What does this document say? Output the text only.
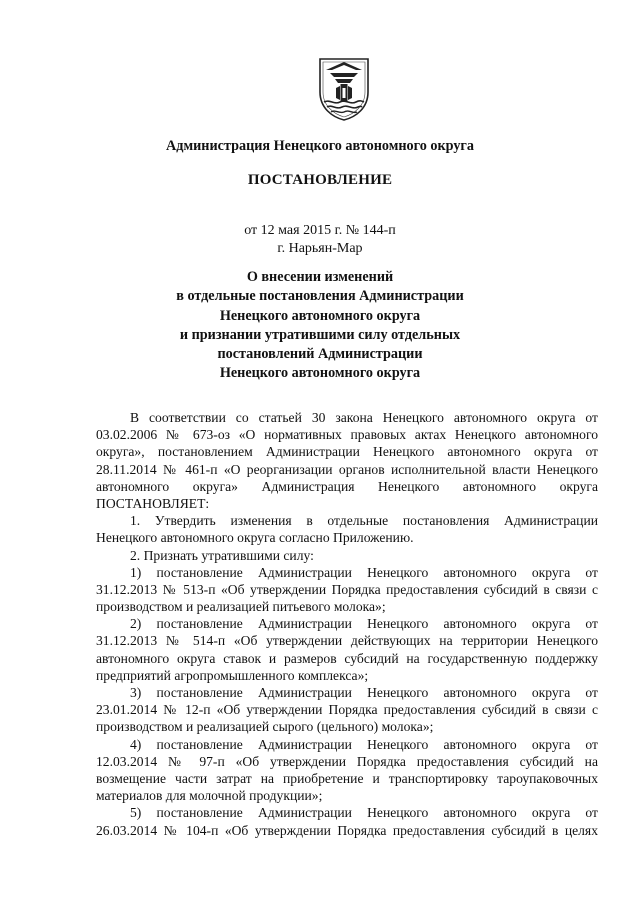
Администрация Ненецкого автономного округа
ПОСТАНОВЛЕНИЕ
от 12 мая 2015 г. № 144-п
г. Нарьян-Мар
О внесении изменений
в отдельные постановления Администрации
Ненецкого автономного округа
и признании утратившими силу отдельных
постановлений Администрации
Ненецкого автономного округа
В соответствии со статьей 30 закона Ненецкого автономного округа от
03.02.2006 № 673-оз «О нормативных правовых актах Ненецкого автономного
округа», постановлением Администрации Ненецкого автономного округа от
28.11.2014 № 461-п «О реорганизации органов исполнительной власти Ненецкого
автономного округа» Администрация Ненецкого автономного округа
ПОСТАНОВЛЯЕТ:
1. Утвердить изменения в отдельные постановления Администрации
Ненецкого автономного округа согласно Приложению.
2. Признать утратившими силу:
1) постановление Администрации Ненецкого автономного округа от
31.12.2013 № 513-п «Об утверждении Порядка предоставления субсидий в связи с
производством и реализацией питьевого молока»;
2) постановление Администрации Ненецкого автономного округа от
31.12.2013 № 514-п «Об утверждении действующих на территории Ненецкого
автономного округа ставок и размеров субсидий на государственную поддержку
предприятий агропромышленного комплекса»;
3) постановление Администрации Ненецкого автономного округа от
23.01.2014 № 12-п «Об утверждении Порядка предоставления субсидий в связи с
производством и реализацией сырого (цельного) молока»;
4) постановление Администрации Ненецкого автономного округа от
12.03.2014 № 97-п «Об утверждении Порядка предоставления субсидий на
возмещение части затрат на приобретение и транспортировку тароупаковочных
материалов для молочной продукции»;
5) постановление Администрации Ненецкого автономного округа от
26.03.2014 № 104-п «Об утверждении Порядка предоставления субсидий в целях
